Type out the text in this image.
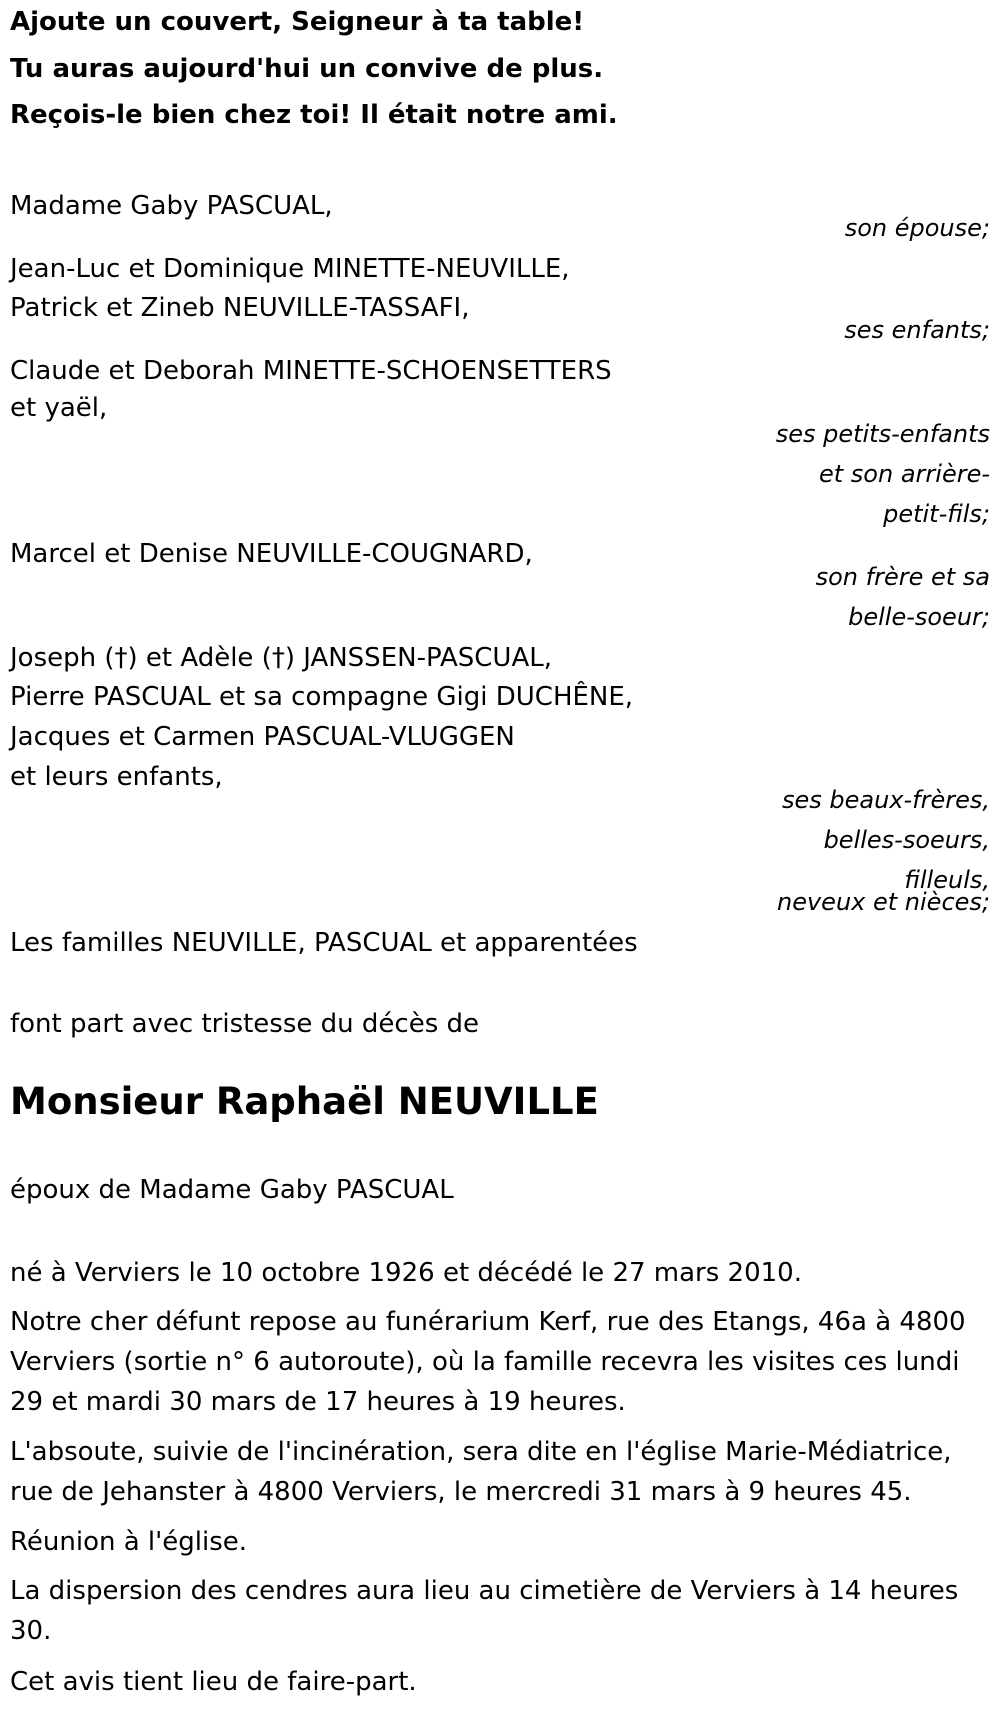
Ajoute un couvert, Seigneur à ta table!
Tu auras aujourd'hui un convive de plus.
Reçois-le bien chez toi! Il était notre ami.
Madame Gaby PASCUAL,
son épouse;
Jean-Luc et Dominique MINETTE-NEUVILLE,
Patrick et Zineb NEUVILLE-TASSAFI,
ses enfants;
Claude et Deborah MINETTE-SCHOENSETTERS
et yaël,
ses petits-enfants
et son arrière-
petit-fils;
Marcel et Denise NEUVILLE-COUGNARD,
son frère et sa
belle-soeur;
Joseph (†) et Adèle (†) JANSSEN-PASCUAL,
Pierre PASCUAL et sa compagne Gigi DUCHÊNE,
Jacques et Carmen PASCUAL-VLUGGEN
et leurs enfants,
ses beaux-frères,
belles-soeurs,
filleuls,
neveux et nièces;
Les familles NEUVILLE, PASCUAL et apparentées
font part avec tristesse du décès de
Monsieur Raphaël NEUVILLE
époux de Madame Gaby PASCUAL
né à Verviers le 10 octobre 1926 et décédé le 27 mars 2010.
Notre cher défunt repose au funérarium Kerf, rue des Etangs, 46a à 4800 Verviers (sortie n° 6 autoroute), où la famille recevra les visites ces lundi 29 et mardi 30 mars de 17 heures à 19 heures.
L'absoute, suivie de l'incinération, sera dite en l'église Marie-Médiatrice, rue de Jehanster à 4800 Verviers, le mercredi 31 mars à 9 heures 45.
Réunion à l'église.
La dispersion des cendres aura lieu au cimetière de Verviers à 14 heures 30.
Cet avis tient lieu de faire-part.
